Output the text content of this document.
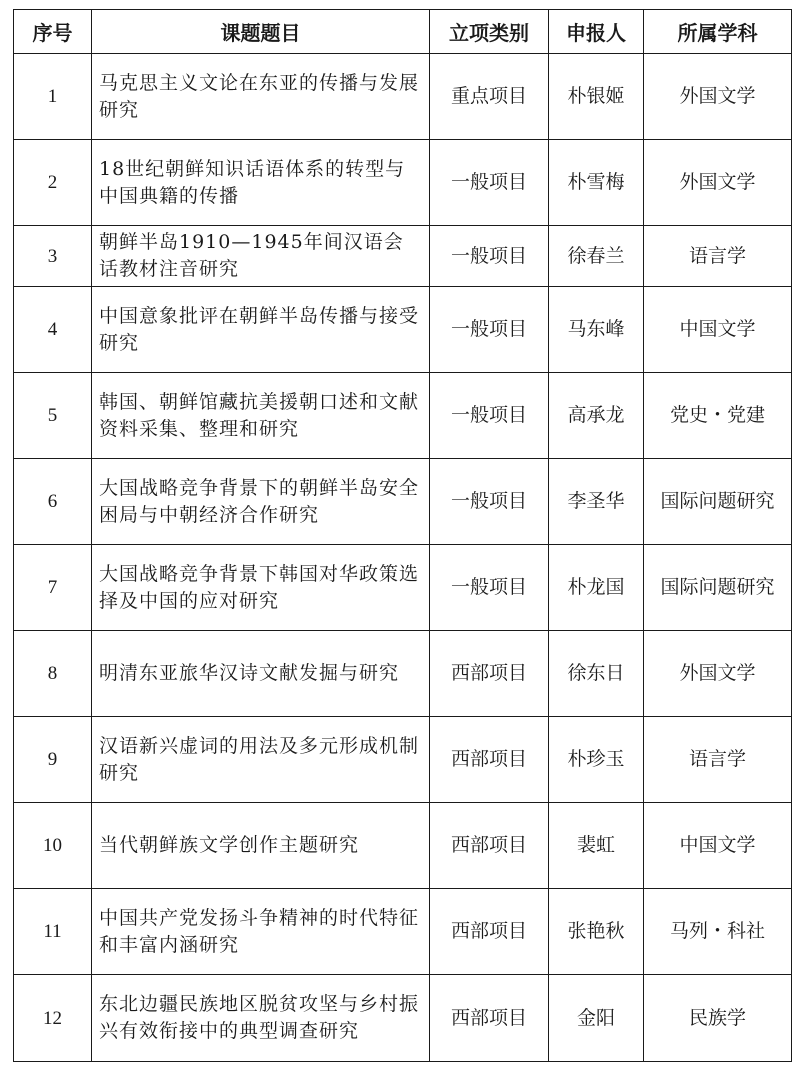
序号	课题题目	立项类别	申报人	所属学科
1	马克思主义文论在东亚的传播与发展研究	重点项目	朴银姬	外国文学
2	18世纪朝鲜知识话语体系的转型与中国典籍的传播	一般项目	朴雪梅	外国文学
3	朝鲜半岛1910—1945年间汉语会话教材注音研究	一般项目	徐春兰	语言学
4	中国意象批评在朝鲜半岛传播与接受研究	一般项目	马东峰	中国文学
5	韩国、朝鲜馆藏抗美援朝口述和文献资料采集、整理和研究	一般项目	高承龙	党史・党建
6	大国战略竞争背景下的朝鲜半岛安全困局与中朝经济合作研究	一般项目	李圣华	国际问题研究
7	大国战略竞争背景下韩国对华政策选择及中国的应对研究	一般项目	朴龙国	国际问题研究
8	明清东亚旅华汉诗文献发掘与研究	西部项目	徐东日	外国文学
9	汉语新兴虚词的用法及多元形成机制研究	西部项目	朴珍玉	语言学
10	当代朝鲜族文学创作主题研究	西部项目	裴虹	中国文学
11	中国共产党发扬斗争精神的时代特征和丰富内涵研究	西部项目	张艳秋	马列・科社
12	东北边疆民族地区脱贫攻坚与乡村振兴有效衔接中的典型调查研究	西部项目	金阳	民族学
